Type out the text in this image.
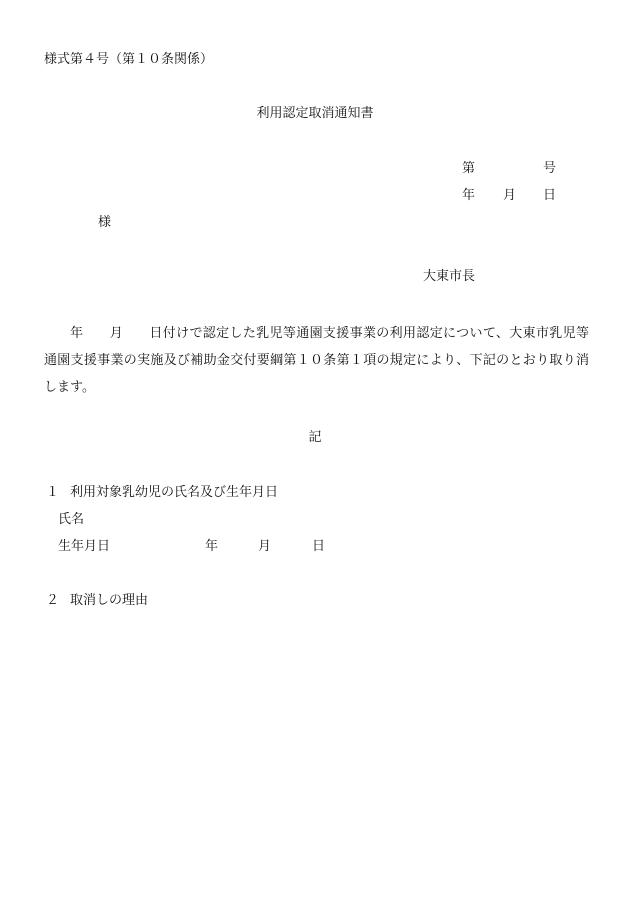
様式第４号（第１０条関係）
利用認定取消通知書
第	号
年 月 日
様
大東市長
年 月 日付けで認定した乳児等通園支援事業の利用認定について、大東市乳児等通園支援事業の実施及び補助金交付要綱第１０条第１項の規定により、下記のとおり取り消します。
記
１ 利用対象乳幼児の氏名及び生年月日
氏名
生年月日	年	月	日
２ 取消しの理由
